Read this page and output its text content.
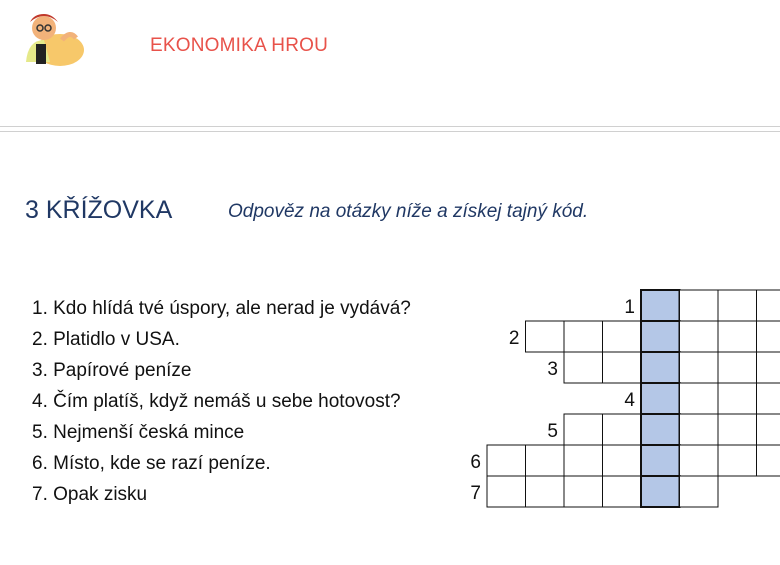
EKONOMIKA HROU
3 KŘÍŽOVKA	Odpověz na otázky níže a získej tajný kód.
1. Kdo hlídá tvé úspory, ale nerad je vydává?
2. Platidlo v USA.
3. Papírové peníze
4. Čím platíš, když nemáš u sebe hotovost?
5. Nejmenší česká mince
6. Místo, kde se razí peníze.
7. Opak zisku
1
2
3
4
5
6
7
